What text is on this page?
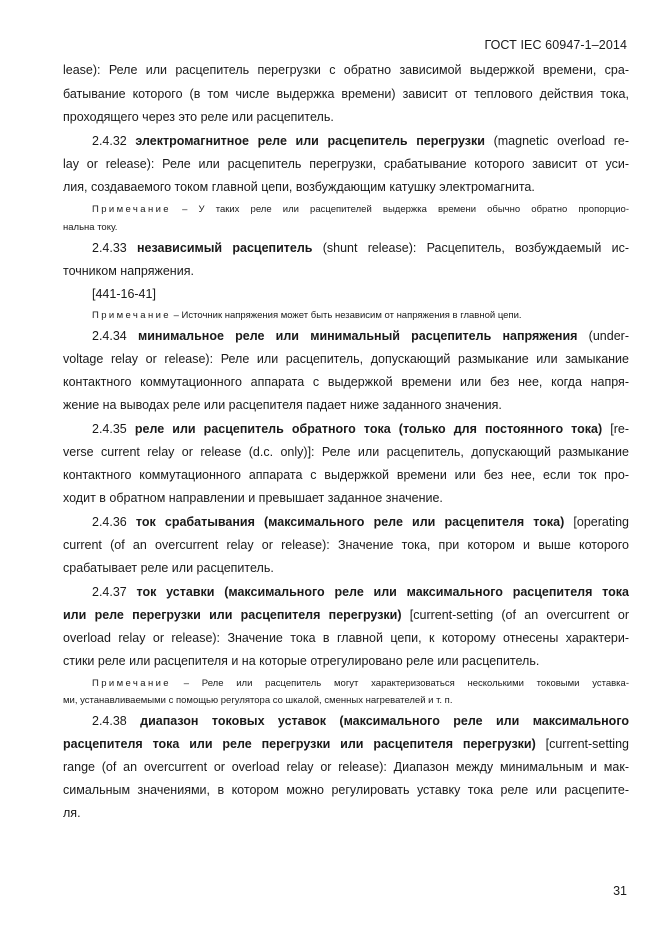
ГОСТ IEC 60947-1–2014
lease): Реле или расцепитель перегрузки с обратно зависимой выдержкой времени, сра-
батывание которого (в том числе выдержка времени) зависит от теплового действия тока,
проходящего через это реле или расцепитель.
2.4.32 электромагнитное реле или расцепитель перегрузки (magnetic overload re-
lay or release): Реле или расцепитель перегрузки, срабатывание которого зависит от уси-
лия, создаваемого током главной цепи, возбуждающим катушку электромагнита.
Примечание – У таких реле или расцепителей выдержка времени обычно обратно пропорцио-
нальна току.
2.4.33 независимый расцепитель (shunt release): Расцепитель, возбуждаемый ис-
точником напряжения.
[441-16-41]
Примечание – Источник напряжения может быть независим от напряжения в главной цепи.
2.4.34 минимальное реле или минимальный расцепитель напряжения (under-
voltage relay or release): Реле или расцепитель, допускающий размыкание или замыкание
контактного коммутационного аппарата с выдержкой времени или без нее, когда напря-
жение на выводах реле или расцепителя падает ниже заданного значения.
2.4.35 реле или расцепитель обратного тока (только для постоянного тока) [re-
verse current relay or release (d.c. only)]: Реле или расцепитель, допускающий размыкание
контактного коммутационного аппарата с выдержкой времени или без нее, если ток про-
ходит в обратном направлении и превышает заданное значение.
2.4.36 ток срабатывания (максимального реле или расцепителя тока) [operating
current (of an overcurrent relay or release): Значение тока, при котором и выше которого
срабатывает реле или расцепитель.
2.4.37 ток уставки (максимального реле или максимального расцепителя тока
или реле перегрузки или расцепителя перегрузки) [current-setting (of an overcurrent or
overload relay or release): Значение тока в главной цепи, к которому отнесены характери-
стики реле или расцепителя и на которые отрегулировано реле или расцепитель.
Примечание – Реле или расцепитель могут характеризоваться несколькими токовыми уставка-
ми, устанавливаемыми с помощью регулятора со шкалой, сменных нагревателей и т. п.
2.4.38 диапазон токовых уставок (максимального реле или максимального
расцепителя тока или реле перегрузки или расцепителя перегрузки) [current-setting
range (of an overcurrent or overload relay or release): Диапазон между минимальным и мак-
симальным значениями, в котором можно регулировать уставку тока реле или расцепите-
ля.
31
